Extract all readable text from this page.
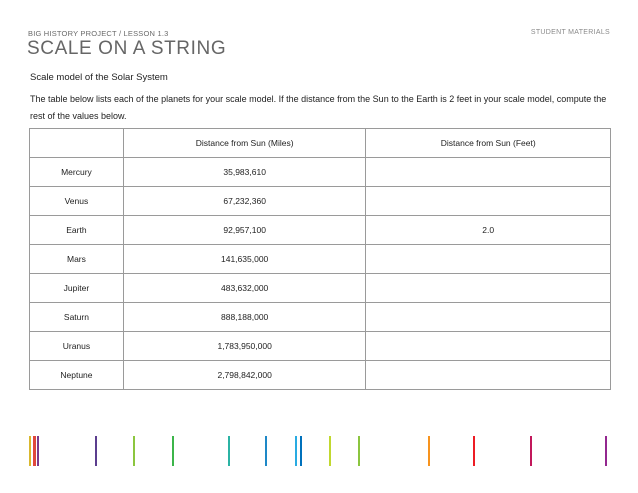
BIG HISTORY PROJECT / LESSON 1.3	STUDENT MATERIALS
SCALE ON A STRING
Scale model of the Solar System
The table below lists each of the planets for your scale model. If the distance from the Sun to the Earth is 2 feet in your scale model, compute the rest of the values below.
	Distance from Sun (Miles)	Distance from Sun (Feet)
Mercury	35,983,610	
Venus	67,232,360	
Earth	92,957,100	2.0
Mars	141,635,000	
Jupiter	483,632,000	
Saturn	888,188,000	
Uranus	1,783,950,000	
Neptune	2,798,842,000	
